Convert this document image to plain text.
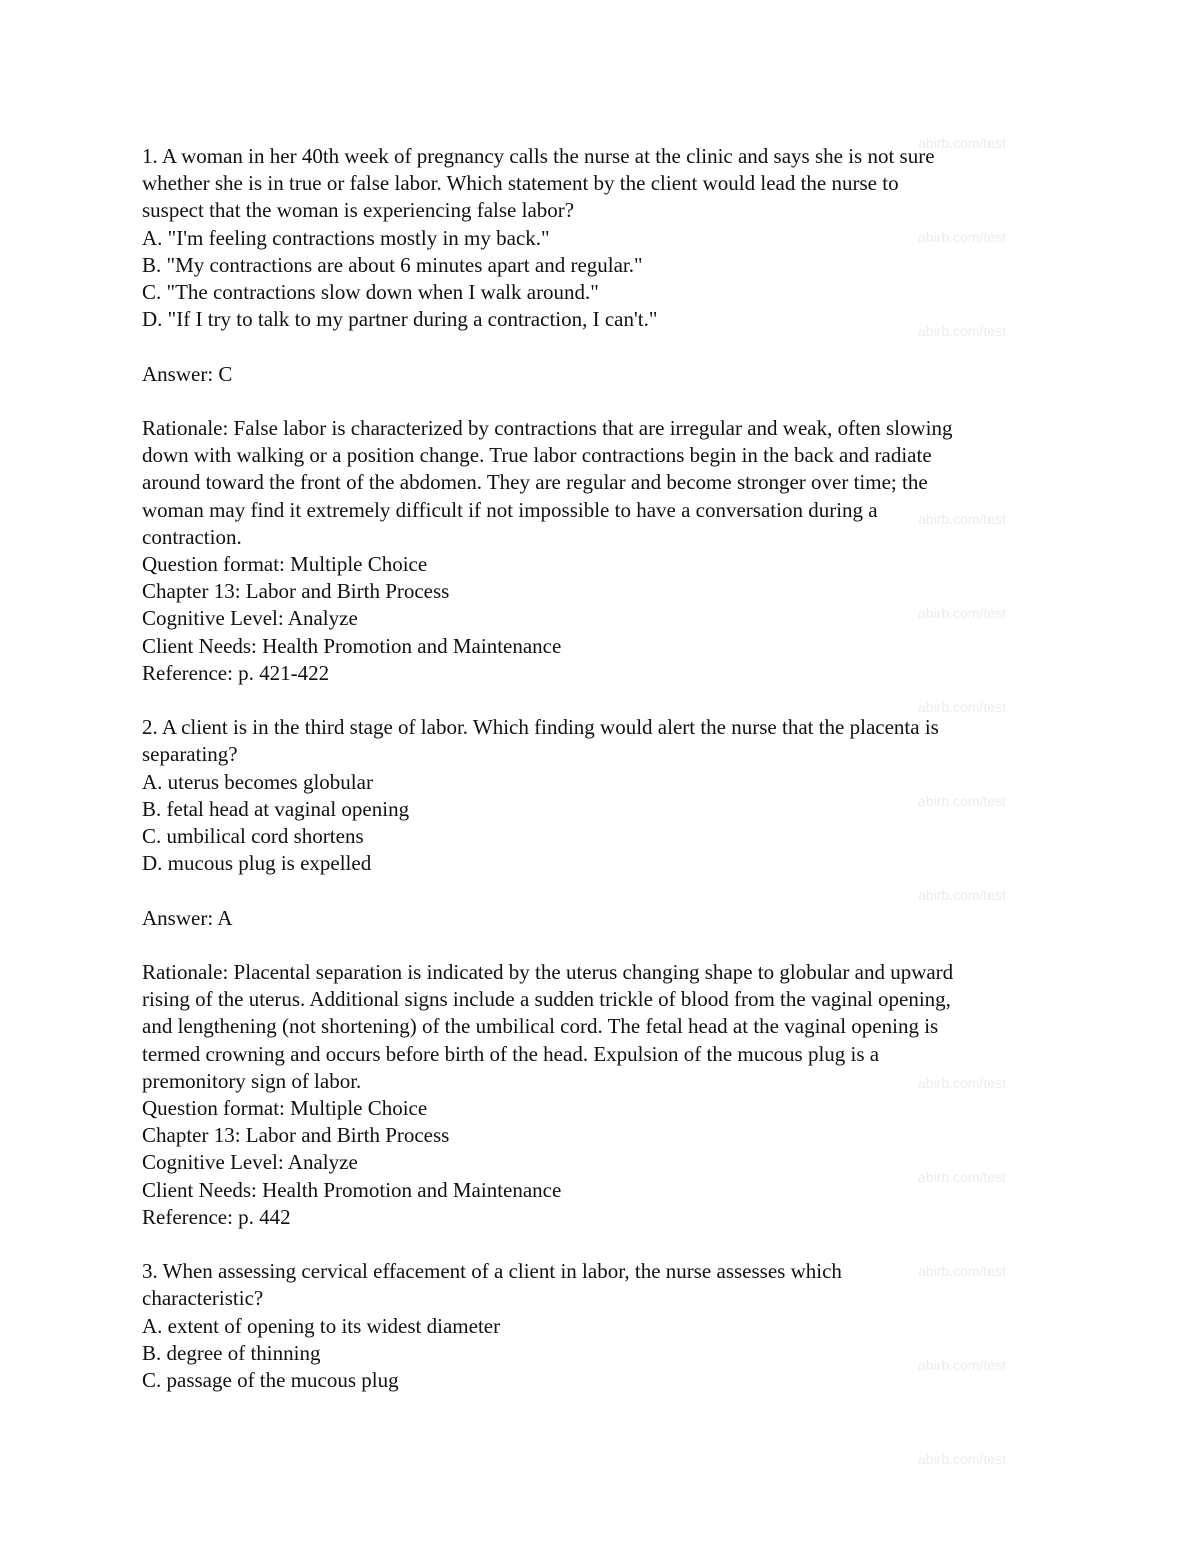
abirb.com/test
abirb.com/test
abirb.com/test
abirb.com/test
abirb.com/test
abirb.com/test
abirb.com/test
abirb.com/test
abirb.com/test
abirb.com/test
abirb.com/test
abirb.com/test
abirb.com/test
1. A woman in her 40th week of pregnancy calls the nurse at the clinic and says she is not sure
whether she is in true or false labor. Which statement by the client would lead the nurse to
suspect that the woman is experiencing false labor?
A. "I'm feeling contractions mostly in my back."
B. "My contractions are about 6 minutes apart and regular."
C. "The contractions slow down when I walk around."
D. "If I try to talk to my partner during a contraction, I can't."
Answer: C
Rationale: False labor is characterized by contractions that are irregular and weak, often slowing
down with walking or a position change. True labor contractions begin in the back and radiate
around toward the front of the abdomen. They are regular and become stronger over time; the
woman may find it extremely difficult if not impossible to have a conversation during a
contraction.
Question format: Multiple Choice
Chapter 13: Labor and Birth Process
Cognitive Level: Analyze
Client Needs: Health Promotion and Maintenance
Reference: p. 421-422
2. A client is in the third stage of labor. Which finding would alert the nurse that the placenta is
separating?
A. uterus becomes globular
B. fetal head at vaginal opening
C. umbilical cord shortens
D. mucous plug is expelled
Answer: A
Rationale: Placental separation is indicated by the uterus changing shape to globular and upward
rising of the uterus. Additional signs include a sudden trickle of blood from the vaginal opening,
and lengthening (not shortening) of the umbilical cord. The fetal head at the vaginal opening is
termed crowning and occurs before birth of the head. Expulsion of the mucous plug is a
premonitory sign of labor.
Question format: Multiple Choice
Chapter 13: Labor and Birth Process
Cognitive Level: Analyze
Client Needs: Health Promotion and Maintenance
Reference: p. 442
3. When assessing cervical effacement of a client in labor, the nurse assesses which
characteristic?
A. extent of opening to its widest diameter
B. degree of thinning
C. passage of the mucous plug
